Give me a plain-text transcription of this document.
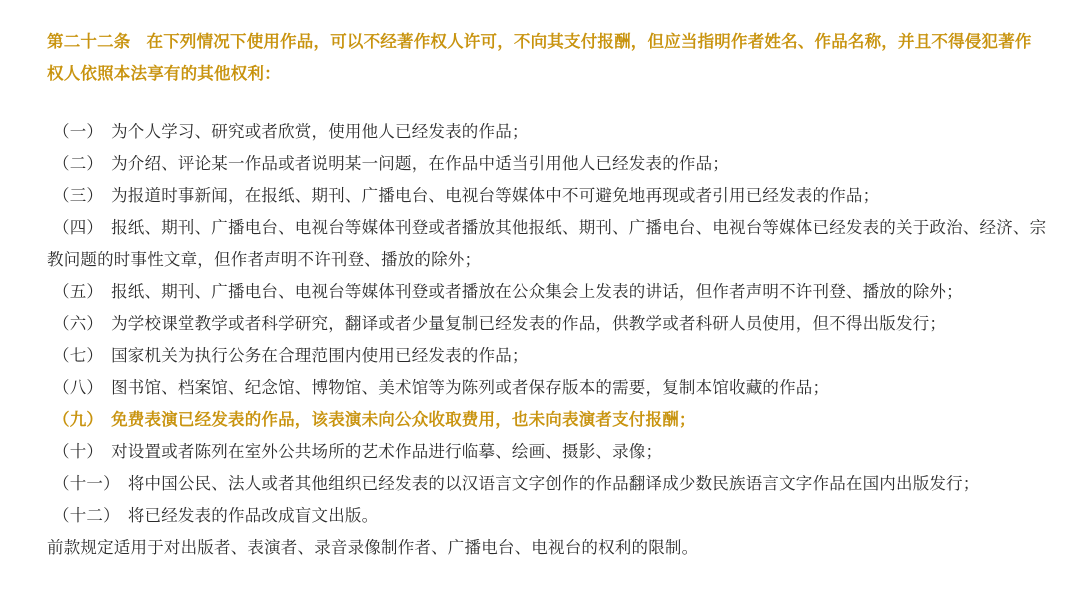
第二十二条 在下列情况下使用作品，可以不经著作权人许可，不向其支付报酬，但应当指明作者姓名、作品名称，并且不得侵犯著作权人依照本法享有的其他权利：

（一） 为个人学习、研究或者欣赏，使用他人已经发表的作品；

（二） 为介绍、评论某一作品或者说明某一问题，在作品中适当引用他人已经发表的作品；

（三） 为报道时事新闻，在报纸、期刊、广播电台、电视台等媒体中不可避免地再现或者引用已经发表的作品；

（四） 报纸、期刊、广播电台、电视台等媒体刊登或者播放其他报纸、期刊、广播电台、电视台等媒体已经发表的关于政治、经济、宗教问题的时事性文章，但作者声明不许刊登、播放的除外；

（五） 报纸、期刊、广播电台、电视台等媒体刊登或者播放在公众集会上发表的讲话，但作者声明不许刊登、播放的除外；

（六） 为学校课堂教学或者科学研究，翻译或者少量复制已经发表的作品，供教学或者科研人员使用，但不得出版发行；

（七） 国家机关为执行公务在合理范围内使用已经发表的作品；

（八） 图书馆、档案馆、纪念馆、博物馆、美术馆等为陈列或者保存版本的需要，复制本馆收藏的作品；

（九） 免费表演已经发表的作品，该表演未向公众收取费用，也未向表演者支付报酬；

（十） 对设置或者陈列在室外公共场所的艺术作品进行临摹、绘画、摄影、录像；

（十一） 将中国公民、法人或者其他组织已经发表的以汉语言文字创作的作品翻译成少数民族语言文字作品在国内出版发行；

（十二） 将已经发表的作品改成盲文出版。

前款规定适用于对出版者、表演者、录音录像制作者、广播电台、电视台的权利的限制。
